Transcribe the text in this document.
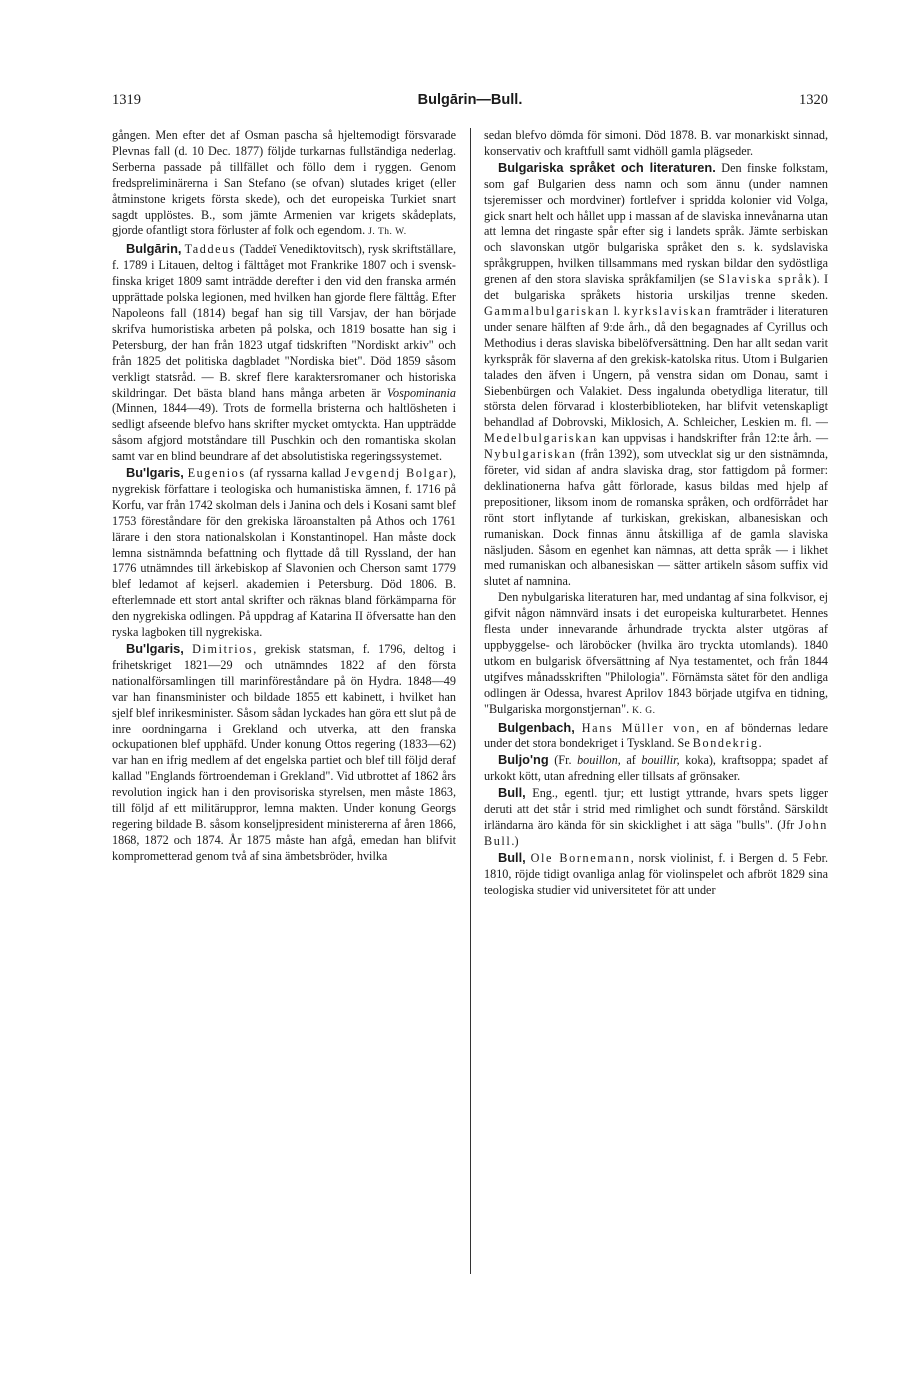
1319	Bulgārin—Bull.	1320

gången. Men efter det af Osman pascha så hjeltemodigt försvarade Plevnas fall (d. 10 Dec. 1877) följde turkarnas fullständiga nederlag. Serberna passade på tillfället och föllo dem i ryggen. Genom fredspreliminärerna i San Stefano (se ofvan) slutades kriget (eller åtminstone krigets första skede), och det europeiska Turkiet snart sagdt upplöstes. B., som jämte Armenien var krigets skådeplats, gjorde ofantligt stora förluster af folk och egendom. J. Th. W.

Bulgārin, Taddeus (Taddeï Venediktovitsch), rysk skriftställare, f. 1789 i Litauen, deltog i fälttåget mot Frankrike 1807 och i svensk-finska kriget 1809 samt inträdde derefter i den vid den franska armén upprättade polska legionen, med hvilken han gjorde flere fälttåg. Efter Napoleons fall (1814) begaf han sig till Varsjav, der han började skrifva humoristiska arbeten på polska, och 1819 bosatte han sig i Petersburg, der han från 1823 utgaf tidskriften "Nordiskt arkiv" och från 1825 det politiska dagbladet "Nordiska biet". Död 1859 såsom verkligt statsråd. — B. skref flere karaktersromaner och historiska skildringar. Det bästa bland hans många arbeten är Vospominania (Minnen, 1844—49). Trots de formella bristerna och haltlösheten i sedligt afseende blefvo hans skrifter mycket omtyckta. Han uppträdde såsom afgjord motståndare till Puschkin och den romantiska skolan samt var en blind beundrare af det absolutistiska regeringssystemet.

Bu'lgaris, Eugenios (af ryssarna kallad Jevgendj Bolgar), nygrekisk författare i teologiska och humanistiska ämnen, f. 1716 på Korfu, var från 1742 skolman dels i Janina och dels i Kosani samt blef 1753 föreståndare för den grekiska läroanstalten på Athos och 1761 lärare i den stora nationalskolan i Konstantinopel. Han måste dock lemna sistnämnda befattning och flyttade då till Ryssland, der han 1776 utnämndes till ärkebiskop af Slavonien och Cherson samt 1779 blef ledamot af kejserl. akademien i Petersburg. Död 1806. B. efterlemnade ett stort antal skrifter och räknas bland förkämparna för den nygrekiska odlingen. På uppdrag af Katarina II öfversatte han den ryska lagboken till nygrekiska.

Bu'lgaris, Dimitrios, grekisk statsman, f. 1796, deltog i frihetskriget 1821—29 och utnämndes 1822 af den första nationalförsamlingen till marinföreståndare på ön Hydra. 1848—49 var han finansminister och bildade 1855 ett kabinett, i hvilket han sjelf blef inrikesminister. Såsom sådan lyckades han göra ett slut på de inre oordningarna i Grekland och utverka, att den franska ockupationen blef upphäfd. Under konung Ottos regering (1833—62) var han en ifrig medlem af det engelska partiet och blef till följd deraf kallad "Englands förtroendeman i Grekland". Vid utbrottet af 1862 års revolution ingick han i den provisoriska styrelsen, men måste 1863, till följd af ett militäruppror, lemna makten. Under konung Georgs regering bildade B. såsom konseljpresident ministererna af åren 1866, 1868, 1872 och 1874. År 1875 måste han afgå, emedan han blifvit komprometterad genom två af sina ämbetsbröder, hvilka

sedan blefvo dömda för simoni. Död 1878. B. var monarkiskt sinnad, konservativ och kraftfull samt vidhöll gamla plägseder.

Bulgariska språket och literaturen. Den finske folkstam, som gaf Bulgarien dess namn och som ännu (under namnen tsjeremisser och mordviner) fortlefver i spridda kolonier vid Volga, gick snart helt och hållet upp i massan af de slaviska innevånarna utan att lemna det ringaste spår efter sig i landets språk. Jämte serbiskan och slavonskan utgör bulgariska språket den s. k. sydslaviska språkgruppen, hvilken tillsammans med ryskan bildar den sydöstliga grenen af den stora slaviska språkfamiljen (se Slaviska språk). I det bulgariska språkets historia urskiljas trenne skeden. Gammalbulgariskan l. kyrkslaviskan framträder i literaturen under senare hälften af 9:de årh., då den begagnades af Cyrillus och Methodius i deras slaviska bibelöfversättning. Den har allt sedan varit kyrkspråk för slaverna af den grekisk-katolska ritus. Utom i Bulgarien talades den äfven i Ungern, på venstra sidan om Donau, samt i Siebenbürgen och Valakiet. Dess ingalunda obetydliga literatur, till största delen förvarad i klosterbiblioteken, har blifvit vetenskapligt behandlad af Dobrovski, Miklosich, A. Schleicher, Leskien m. fl. — Medelbulgariskan kan uppvisas i handskrifter från 12:te årh. — Nybulgariskan (från 1392), som utvecklat sig ur den sistnämnda, företer, vid sidan af andra slaviska drag, stor fattigdom på former: deklinationerna hafva gått förlorade, kasus bildas med hjelp af prepositioner, liksom inom de romanska språken, och ordförrådet har rönt stort inflytande af turkiskan, grekiskan, albanesiskan och rumaniskan. Dock finnas ännu åtskilliga af de gamla slaviska näsljuden. Såsom en egenhet kan nämnas, att detta språk — i likhet med rumaniskan och albanesiskan — sätter artikeln såsom suffix vid slutet af namnina.

Den nybulgariska literaturen har, med undantag af sina folkvisor, ej gifvit någon nämnvärd insats i det europeiska kulturarbetet. Hennes flesta under innevarande århundrade tryckta alster utgöras af uppbyggelse- och läroböcker (hvilka äro tryckta utomlands). 1840 utkom en bulgarisk öfversättning af Nya testamentet, och från 1844 utgifves månadsskriften "Philologia". Förnämsta sätet för den andliga odlingen är Odessa, hvarest Aprilov 1843 började utgifva en tidning, "Bulgariska morgonstjernan". K. G.

Bulgenbach, Hans Müller von, en af böndernas ledare under det stora bondekriget i Tyskland. Se Bondekrig.

Buljo'ng (Fr. bouillon, af bouillir, koka), kraftsoppa; spadet af urkokt kött, utan afredning eller tillsats af grönsaker.

Bull, Eng., egentl. tjur; ett lustigt yttrande, hvars spets ligger deruti att det står i strid med rimlighet och sundt förstånd. Särskildt irländarna äro kända för sin skicklighet i att säga "bulls". (Jfr John Bull.)

Bull, Ole Bornemann, norsk violinist, f. i Bergen d. 5 Febr. 1810, röjde tidigt ovanliga anlag för violinspelet och afbröt 1829 sina teologiska studier vid universitetet för att under
